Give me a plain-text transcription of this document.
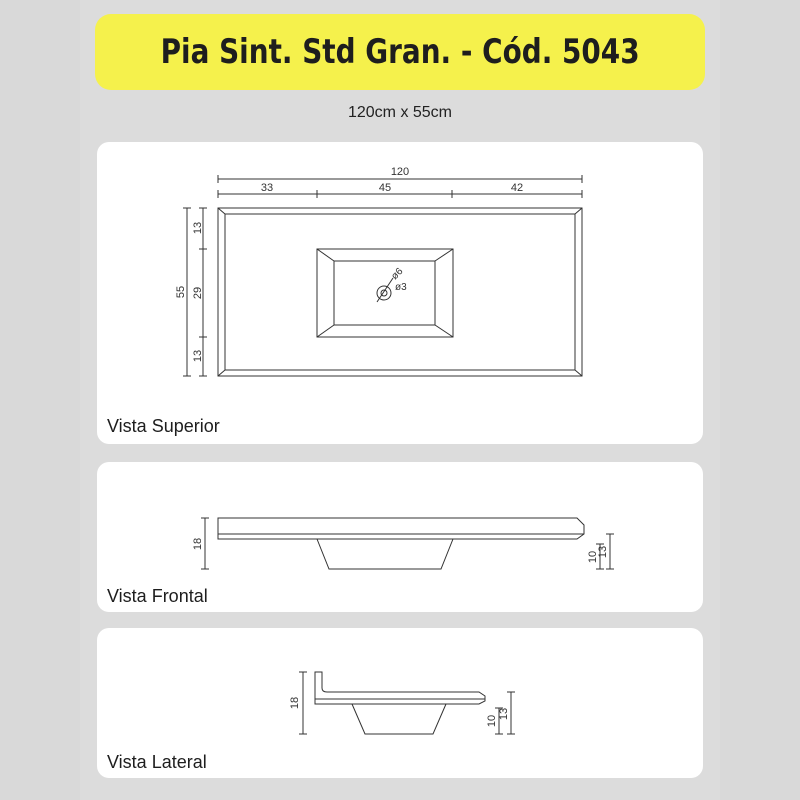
Pia Sint. Std Gran. - Cód. 5043
120cm x 55cm
120
33	45	42
ø6
ø3
55
13
29
13
Vista Superior
18
10
13
Vista Frontal
18
10
13
Vista Lateral
